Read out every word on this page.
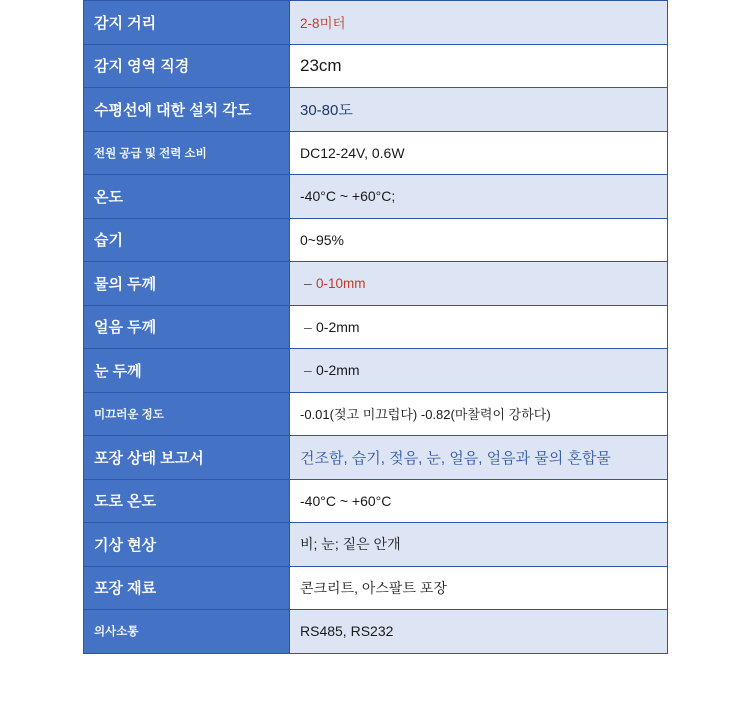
감지 거리	2-8미터
감지 영역 직경	23cm
수평선에 대한 설치 각도	30-80도
전원 공급 및 전력 소비	DC12-24V, 0.6W
온도	-40°C ~ +60°C;
습기	0~95%
물의 두께	– 0-10mm
얼음 두께	– 0-2mm
눈 두께	– 0-2mm
미끄러운 정도	-0.01(젖고 미끄럽다) -0.82(마찰력이 강하다)
포장 상태 보고서	건조함, 습기, 젖음, 눈, 얼음, 얼음과 물의 혼합물
도로 온도	-40°C ~ +60°C
기상 현상	비; 눈; 짙은 안개
포장 재료	콘크리트, 아스팔트 포장
의사소통	RS485, RS232
